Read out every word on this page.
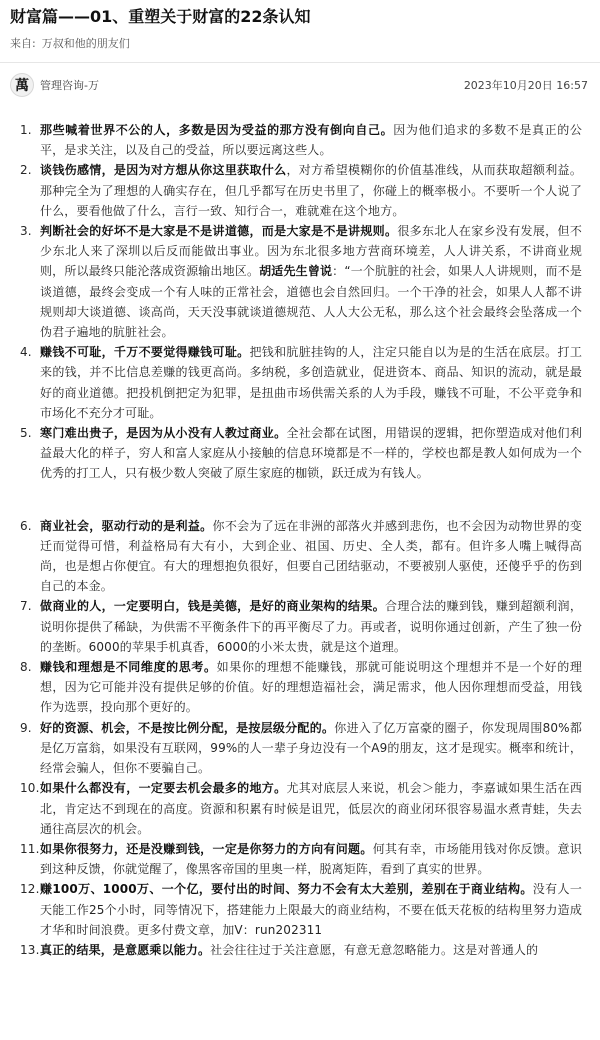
财富篇——01、重塑关于财富的22条认知
来自: 万叔和他的朋友们
萬	管理咨询-万	2023年10月20日 16:57
1. 那些喊着世界不公的人，多数是因为受益的那方没有倒向自己。因为他们追求的多数不是真正的公平，是求关注，以及自己的受益，所以要远离这些人。
2. 谈钱伤感情，是因为对方想从你这里获取什么，对方希望模糊你的价值基准线，从而获取超额利益。那种完全为了理想的人确实存在，但几乎都写在历史书里了，你碰上的概率极小。不要听一个人说了什么，要看他做了什么，言行一致、知行合一，难就难在这个地方。
3. 判断社会的好坏不是大家是不是讲道德，而是大家是不是讲规则。很多东北人在家乡没有发展，但不少东北人来了深圳以后反而能做出事业。因为东北很多地方营商环境差，人人讲关系，不讲商业规则，所以最终只能沦落成资源输出地区。胡适先生曾说：“一个肮脏的社会，如果人人讲规则，而不是谈道德，最终会变成一个有人味的正常社会，道德也会自然回归。一个干净的社会，如果人人都不讲规则却大谈道德、谈高尚，天天没事就谈道德规范、人人大公无私，那么这个社会最终会坠落成一个伪君子遍地的肮脏社会。
4. 赚钱不可耻，千万不要觉得赚钱可耻。把钱和肮脏挂钩的人，注定只能自以为是的生活在底层。打工来的钱，并不比信息差赚的钱更高尚。多纳税，多创造就业，促进资本、商品、知识的流动，就是最好的商业道德。把投机倒把定为犯罪，是扭曲市场供需关系的人为手段，赚钱不可耻，不公平竞争和市场化不充分才可耻。
5. 寒门难出贵子，是因为从小没有人教过商业。全社会都在试图，用错误的逻辑，把你塑造成对他们利益最大化的样子，穷人和富人家庭从小接触的信息环境都是不一样的，学校也都是教人如何成为一个优秀的打工人，只有极少数人突破了原生家庭的枷锁，跃迁成为有钱人。
6. 商业社会，驱动行动的是利益。你不会为了远在非洲的部落火并感到悲伤，也不会因为动物世界的变迁而觉得可惜，利益格局有大有小，大到企业、祖国、历史、全人类，都有。但许多人嘴上喊得高尚，也是想占你便宜。有大的理想抱负很好，但要自己团结驱动，不要被别人驱使，还傻乎乎的伤到自己的本金。
7. 做商业的人，一定要明白，钱是美德，是好的商业架构的结果。合理合法的赚到钱，赚到超额利润，说明你提供了稀缺，为供需不平衡条件下的再平衡尽了力。再或者，说明你通过创新，产生了独一份的垄断。6000的苹果手机真香，6000的小米太贵，就是这个道理。
8. 赚钱和理想是不同维度的思考。如果你的理想不能赚钱，那就可能说明这个理想并不是一个好的理想，因为它可能并没有提供足够的价值。好的理想造福社会，满足需求，他人因你理想而受益，用钱作为选票，投向那个更好的。
9. 好的资源、机会，不是按比例分配，是按层级分配的。你进入了亿万富豪的圈子，你发现周围80%都是亿万富翁，如果没有互联网，99%的人一辈子身边没有一个A9的朋友，这才是现实。概率和统计，经常会骗人，但你不要骗自己。
10. 如果什么都没有，一定要去机会最多的地方。尤其对底层人来说，机会＞能力，李嘉诚如果生活在西北，肯定达不到现在的高度。资源和积累有时候是诅咒，低层次的商业闭环很容易温水煮青蛙，失去通往高层次的机会。
11. 如果你很努力，还是没赚到钱，一定是你努力的方向有问题。何其有幸，市场能用钱对你反馈。意识到这种反馈，你就觉醒了，像黑客帝国的里奥一样，脱离矩阵，看到了真实的世界。
12. 赚100万、1000万、一个亿，要付出的时间、努力不会有太大差别，差别在于商业结构。没有人一天能工作25个小时，同等情况下，搭建能力上限最大的商业结构，不要在低天花板的结构里努力造成才华和时间浪费。更多付费文章，加V：run202311
13. 真正的结果，是意愿乘以能力。社会往往过于关注意愿，有意无意忽略能力。这是对普通人的
